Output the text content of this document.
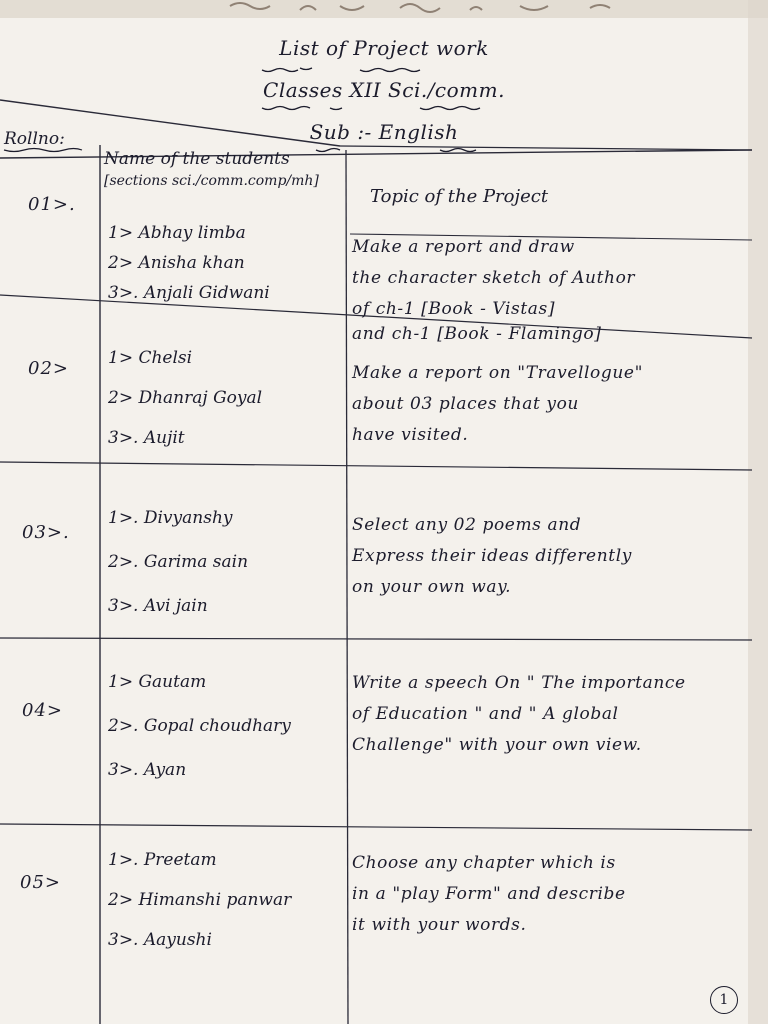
List of Project work
Classes XII Sci./comm.
Sub :- English
Rollno:
Name of the students
[sections sci./comm.comp/mh]
Topic of the Project
01>.
1> Abhay limba
2> Anisha khan
3>. Anjali Gidwani
Make a report and draw
the character sketch of Author
of ch-1 [Book - Vistas]
and ch-1 [Book - Flamingo]
02> 1> Chelsi
2> Dhanraj Goyal
3>. Aujit
Make a report on "Travellogue"
about 03 places that you
have visited.
03>.
1>. Divyanshy
2>. Garima sain
3>. Avi jain
Select any 02 poems and
Express their ideas differently
on your own way.
04>
1> Gautam
2>. Gopal choudhary
3>. Ayan
Write a speech On " The importance
of Education " and " A global
Challenge" with your own view.
05>
1>. Preetam
2> Himanshi panwar
3>. Aayushi
Choose any chapter which is
in a "play Form" and describe
it with your words.
1
